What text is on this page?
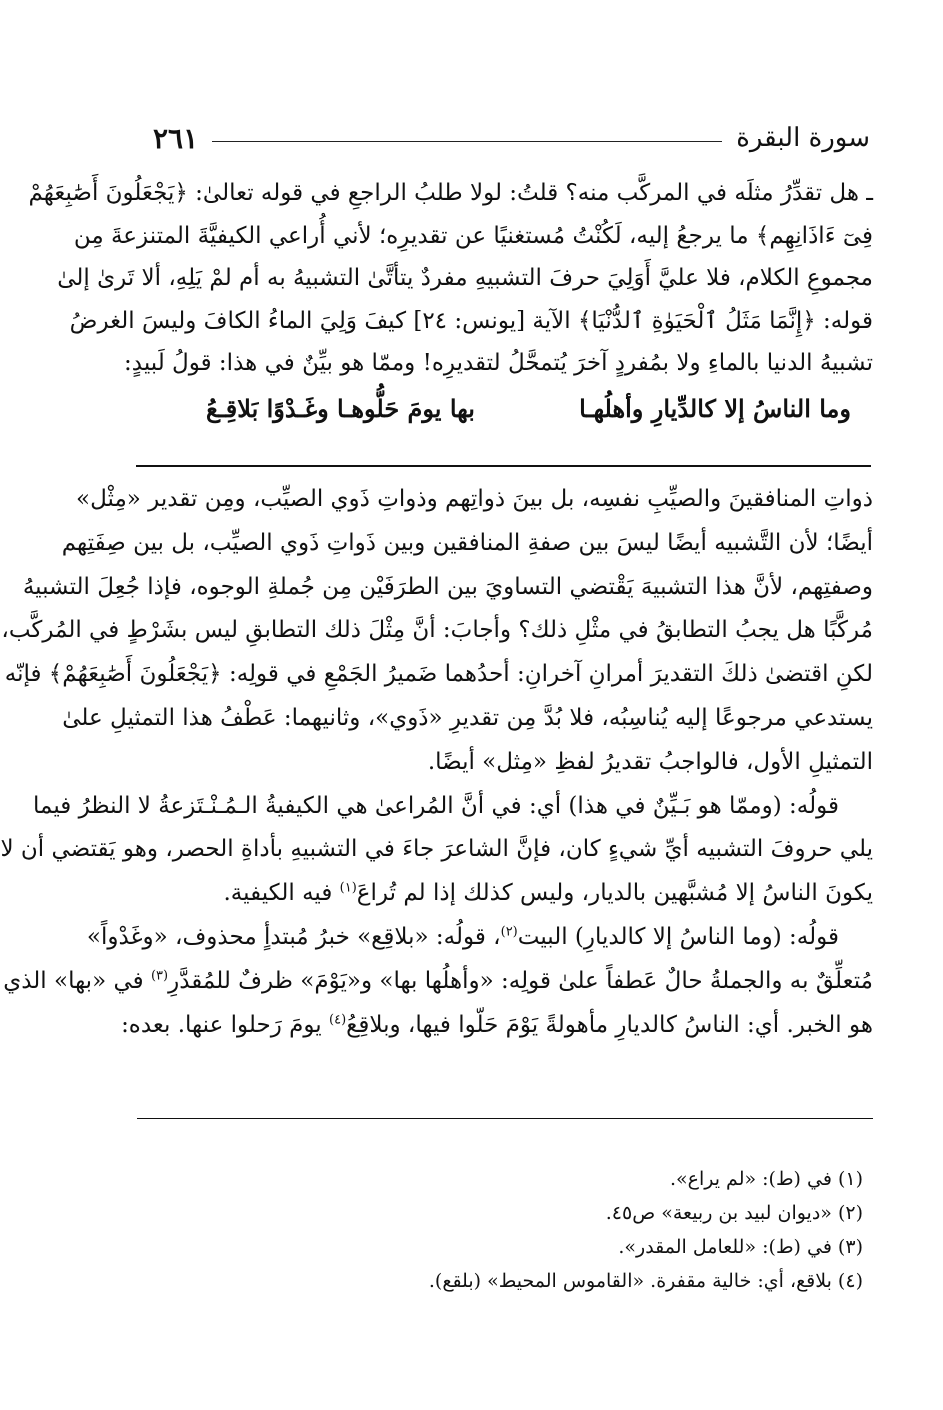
سورة البقرة
٢٦١
ـ هل تقدِّرُ مثلَه في المركَّب منه؟ قلتُ: لولا طلبُ الراجعِ في قوله تعالىٰ: ﴿يَجْعَلُونَ أَصَٰبِعَهُمْ
فِىٓ ءَاذَانِهِم﴾ ما يرجعُ إليه، لَكُنْتُ مُستغنيًا عن تقديرِه؛ لأني أُراعي الكيفيَّةَ المتنزعةَ مِن
مجموعِ الكلام، فلا عليَّ أَوَلِيَ حرفَ التشبيهِ مفردٌ يتأتَّىٰ التشبيهُ به أم لمْ يَلِهِ، ألا تَرىٰ إلىٰ
قوله: ﴿إِنَّمَا مَثَلُ ٱلْحَيَوٰةِ ٱلدُّنْيَا﴾ الآية [يونس: ٢٤] كيفَ وَلِيَ الماءُ الكافَ وليسَ الغرضُ
تشبيهُ الدنيا بالماءِ ولا بمُفردٍ آخرَ يُتمحَّلُ لتقديرِه! وممّا هو بيِّنٌ في هذا: قولُ لَبيدٍ:
وما الناسُ إلا كالدِّيارِ وأهلُهـا
بها يومَ حَلُّوهـا وغَـدْوًا بَلاقِـعُ
ذواتِ المنافقينَ والصيِّبِ نفسِه، بل بينَ ذواتِهم وذواتِ ذَوي الصيِّب، ومِن تقدير «مِثْل»
أيضًا؛ لأن التَّشبيه أيضًا ليسَ بين صفةِ المنافقين وبين ذَواتِ ذَوي الصيِّب، بل بين صِفَتِهم
وصفتِهم، لأنَّ هذا التشبيهَ يَقْتضي التساويَ بين الطرَفَيْن مِن جُملةِ الوجوه، فإذا جُعِلَ التشبيهُ
مُركَّبًا هل يجبُ التطابقُ في مثْلِ ذلك؟ وأجابَ: أنَّ مِثْلَ ذلك التطابقِ ليس بشَرْطٍ في المُركَّب،
لكنِ اقتضىٰ ذلكَ التقديرَ أمرانِ آخرانِ: أحدُهما ضَميرُ الجَمْعِ في قولِه: ﴿يَجْعَلُونَ أَصَٰبِعَهُمْ﴾ فإنّه
يستدعي مرجوعًا إليه يُناسِبُه، فلا بُدَّ مِن تقديرِ «ذَوي»، وثانيهما: عَطْفُ هذا التمثيلِ علىٰ
التمثيلِ الأول، فالواجبُ تقديرُ لفظِ «مِثل» أيضًا.
قولُه: (وممّا هو بَـيِّنٌ في هذا) أي: في أنَّ المُراعىٰ هي الكيفيةُ الـمُـنْـتَزعةُ لا النظرُ فيما
يلي حروفَ التشبيه أيِّ شيءٍ كان، فإنَّ الشاعرَ جاءَ في التشبيهِ بأداةِ الحصر، وهو يَقتضي أن لا
يكونَ الناسُ إلا مُشبَّهين بالديار، وليس كذلك إذا لم تُراعَ$^{(١)}$ فيه الكيفية.
قولُه: (وما الناسُ إلا كالديارِ) البيت$^{(٢)}$، قولُه: «بلاقِع» خبرُ مُبتدأٍ محذوف، «وغَدْواً»
مُتعلِّقٌ به والجملةُ حالٌ عَطفاً علىٰ قولِه: «وأهلُها بها» و«يَوْمَ» ظرفٌ للمُقدَّرِ$^{(٣)}$ في «بها» الذي
هو الخبر. أي: الناسُ كالديارِ مأهولةً يَوْمَ حَلّوا فيها، وبلاقِعُ$^{(٤)}$ يومَ رَحلوا عنها. بعده:
(١) في (ط): «لم يراع».
(٢) «ديوان لبيد بن ربيعة» ص٤٥.
(٣) في (ط): «للعامل المقدر».
(٤) بلاقع، أي: خالية مقفرة. «القاموس المحيط» (بلقع).
